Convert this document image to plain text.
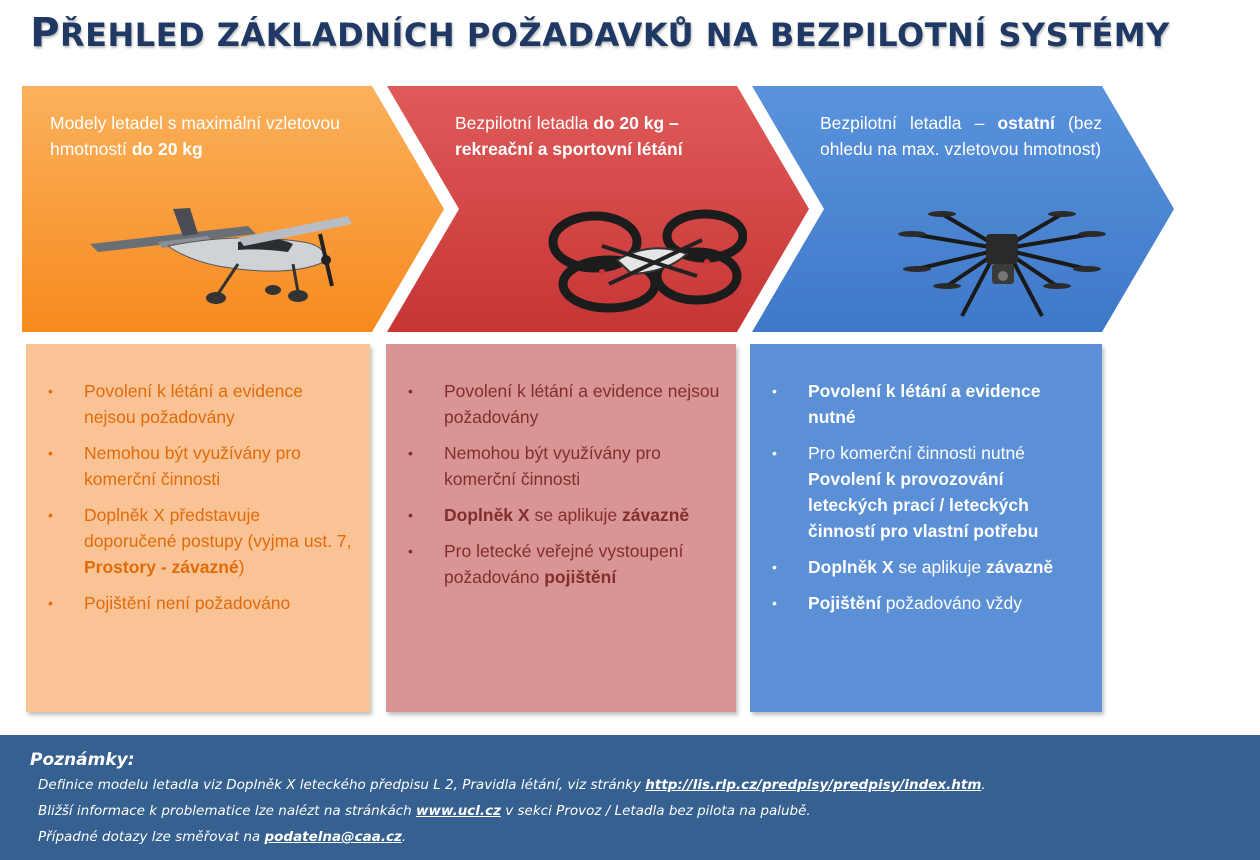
PŘEHLED ZÁKLADNÍCH POŽADAVKŮ NA BEZPILOTNÍ SYSTÉMY
Modely letadel s maximální vzletovou hmotností do 20 kg
Bezpilotní letadla do 20 kg – rekreační a sportovní létání
Bezpilotní letadla – ostatní (bez ohledu na max. vzletovou hmotnost)
• Povolení k létání a evidence nejsou požadovány
• Nemohou být využívány pro komerční činnosti
• Doplněk X představuje doporučené postupy (vyjma ust. 7, Prostory - závazné)
• Pojištění není požadováno
• Povolení k létání a evidence nejsou požadovány
• Nemohou být využívány pro komerční činnosti
• Doplněk X se aplikuje závazně
• Pro letecké veřejné vystoupení požadováno pojištění
• Povolení k létání a evidence nutné
• Pro komerční činnosti nutné Povolení k provozování leteckých prací / leteckých činností pro vlastní potřebu
• Doplněk X se aplikuje závazně
• Pojištění požadováno vždy
Poznámky:
Definice modelu letadla viz Doplněk X leteckého předpisu L 2, Pravidla létání, viz stránky http://lis.rlp.cz/predpisy/predpisy/index.htm.
Bližší informace k problematice lze nalézt na stránkách www.ucl.cz v sekci Provoz / Letadla bez pilota na palubě.
Případné dotazy lze směřovat na podatelna@caa.cz.
